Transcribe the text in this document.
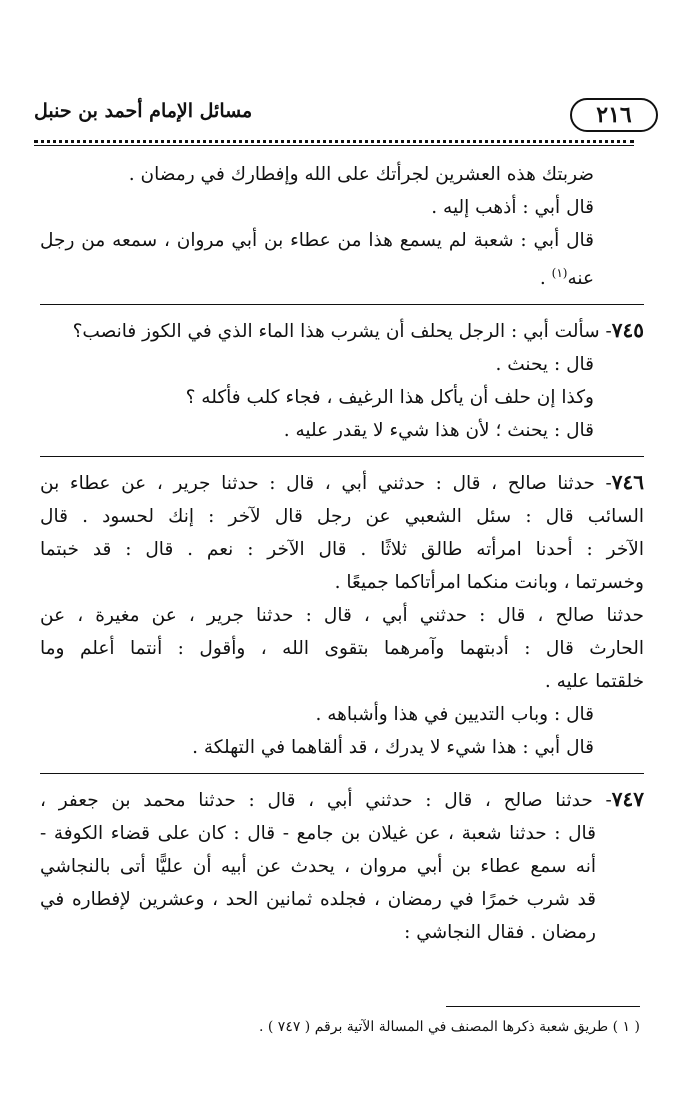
٢١٦
مسائل الإمام أحمد بن حنبل
ضربتك هذه العشرين لجرأتك على الله وإفطارك في رمضان .
قال أبي : أذهب إليه .
قال أبي : شعبة لم يسمع هذا من عطاء بن أبي مروان ، سمعه من رجل
عنه$^{(١)}$ .
٧٤٥- سألت أبي : الرجل يحلف أن يشرب هذا الماء الذي في الكوز فانصب؟
قال : يحنث .
وكذا إن حلف أن يأكل هذا الرغيف ، فجاء كلب فأكله ؟
قال : يحنث ؛ لأن هذا شيء لا يقدر عليه .
٧٤٦- حدثنا صالح ، قال : حدثني أبي ، قال : حدثنا جرير ، عن عطاء بن
السائب قال : سئل الشعبي عن رجل قال لآخر : إنك لحسود . قال
الآخر : أحدنا امرأته طالق ثلاثًا . قال الآخر : نعم . قال : قد خبتما
وخسرتما ، وبانت منكما امرأتاكما جميعًا .
حدثنا صالح ، قال : حدثني أبي ، قال : حدثنا جرير ، عن مغيرة ، عن
الحارث قال : أدبتهما وآمرهما بتقوى الله ، وأقول : أنتما أعلم وما
خلقتما عليه .
قال : وباب التديين في هذا وأشباهه .
قال أبي : هذا شيء لا يدرك ، قد ألقاهما في التهلكة .
٧٤٧- حدثنا صالح ، قال : حدثني أبي ، قال : حدثنا محمد بن جعفر ،
قال : حدثنا شعبة ، عن غيلان بن جامع - قال : كان على قضاء الكوفة -
أنه سمع عطاء بن أبي مروان ، يحدث عن أبيه أن عليًّا أتى بالنجاشي
قد شرب خمرًا في رمضان ، فجلده ثمانين الحد ، وعشرين لإفطاره في
رمضان . فقال النجاشي :
( ١ ) طريق شعبة ذكرها المصنف في المسالة الآتية برقم ( ٧٤٧ ) .
